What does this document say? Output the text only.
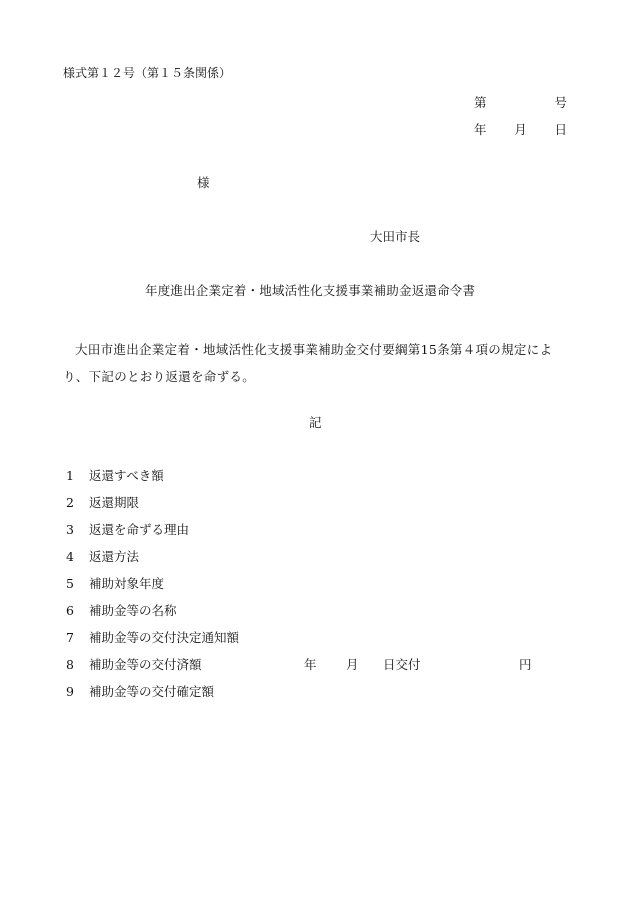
様式第１２号（第１５条関係）
第	号
年 月 日
様
大田市長
年度進出企業定着・地域活性化支援事業補助金返還命令書
大田市進出企業定着・地域活性化支援事業補助金交付要綱第15条第４項の規定により、下記のとおり返還を命ずる。
記
1	返還すべき額
2	返還期限
3	返還を命ずる理由
4	返還方法
5	補助対象年度
6	補助金等の名称
7	補助金等の交付決定通知額
8	補助金等の交付済額	年	月	日交付	円
9	補助金等の交付確定額
